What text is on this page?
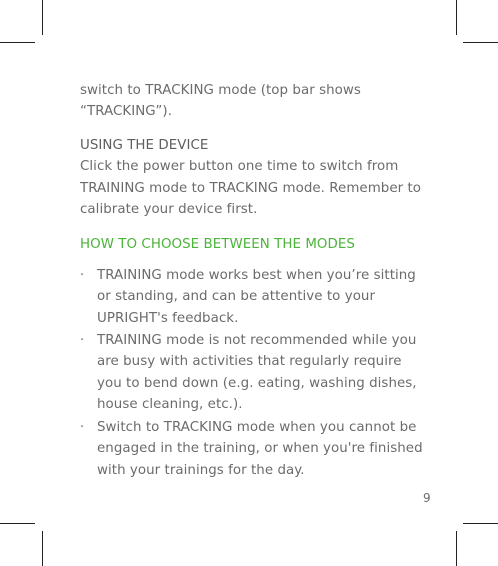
switch to TRACKING mode (top bar shows “TRACKING”).

USING THE DEVICE

Click the power button one time to switch from TRAINING mode to TRACKING mode. Remember to calibrate your device first.

HOW TO CHOOSE BETWEEN THE MODES
· TRAINING mode works best when you’re sitting or standing, and can be attentive to your UPRIGHT's feedback.
· TRAINING mode is not recommended while you are busy with activities that regularly require you to bend down (e.g. eating, washing dishes, house cleaning, etc.).
· Switch to TRACKING mode when you cannot be engaged in the training, or when you're finished with your trainings for the day.
9
